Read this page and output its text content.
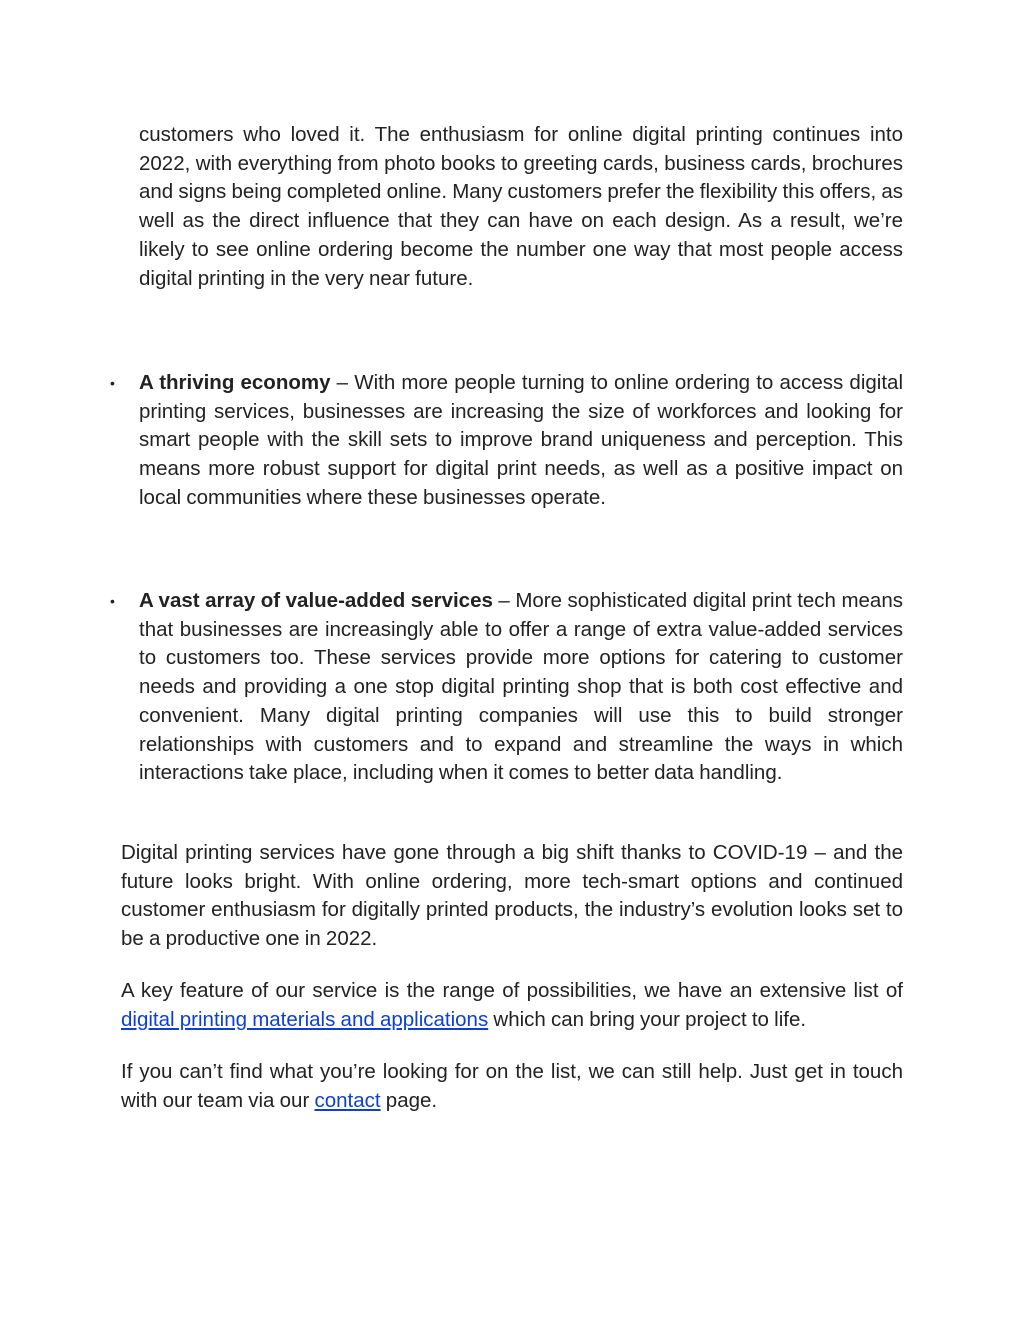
customers who loved it. The enthusiasm for online digital printing continues into 2022, with everything from photo books to greeting cards, business cards, brochures and signs being completed online. Many customers prefer the flexibility this offers, as well as the direct influence that they can have on each design. As a result, we’re likely to see online ordering become the number one way that most people access digital printing in the very near future.

• A thriving economy – With more people turning to online ordering to access digital printing services, businesses are increasing the size of workforces and looking for smart people with the skill sets to improve brand uniqueness and perception. This means more robust support for digital print needs, as well as a positive impact on local communities where these businesses operate.

• A vast array of value-added services – More sophisticated digital print tech means that businesses are increasingly able to offer a range of extra value-added services to customers too. These services provide more options for catering to customer needs and providing a one stop digital printing shop that is both cost effective and convenient. Many digital printing companies will use this to build stronger relationships with customers and to expand and streamline the ways in which interactions take place, including when it comes to better data handling.

Digital printing services have gone through a big shift thanks to COVID-19 – and the future looks bright. With online ordering, more tech-smart options and continued customer enthusiasm for digitally printed products, the industry’s evolution looks set to be a productive one in 2022.

A key feature of our service is the range of possibilities, we have an extensive list of digital printing materials and applications which can bring your project to life.

If you can’t find what you’re looking for on the list, we can still help. Just get in touch with our team via our contact page.
